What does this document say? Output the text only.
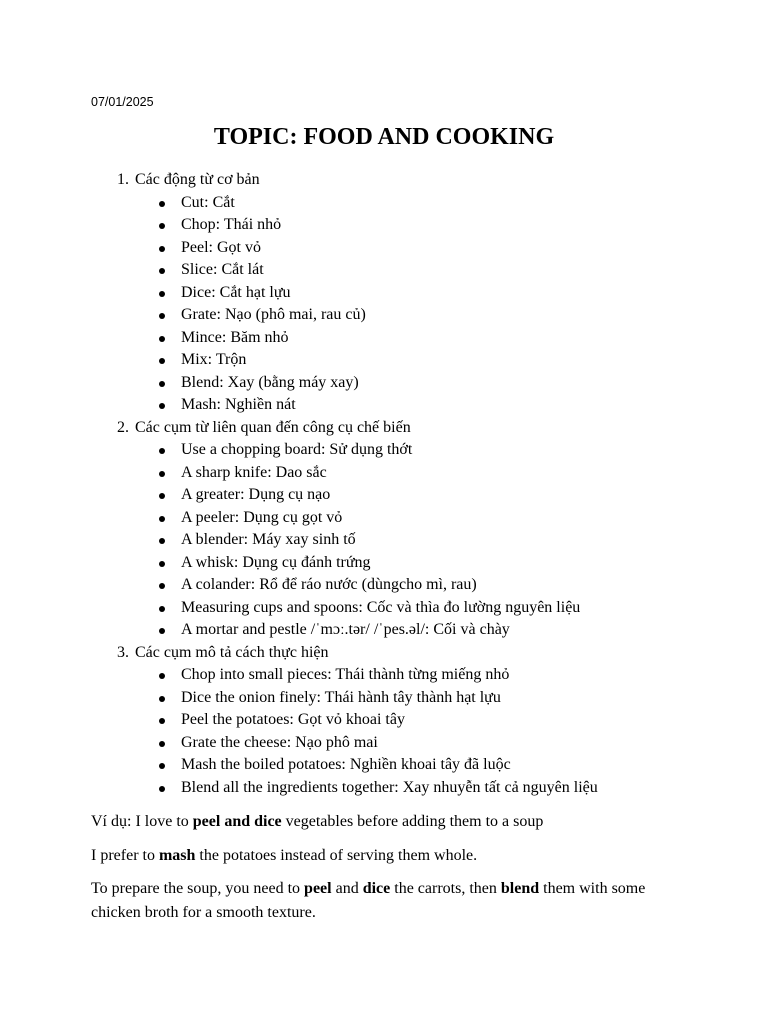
07/01/2025
TOPIC: FOOD AND COOKING
1. Các động từ cơ bản
Cut: Cắt
Chop: Thái nhỏ
Peel: Gọt vỏ
Slice: Cắt lát
Dice: Cắt hạt lựu
Grate: Nạo (phô mai, rau củ)
Mince: Băm nhỏ
Mix: Trộn
Blend: Xay (bằng máy xay)
Mash: Nghiền nát
2. Các cụm từ liên quan đến công cụ chế biến
Use a chopping board: Sử dụng thớt
A sharp knife: Dao sắc
A greater: Dụng cụ nạo
A peeler: Dụng cụ gọt vỏ
A blender: Máy xay sinh tố
A whisk: Dụng cụ đánh trứng
A colander: Rổ để ráo nước (dùngcho mì, rau)
Measuring cups and spoons: Cốc và thìa đo lường nguyên liệu
A mortar and pestle /ˈmɔː.tər/ /ˈpes.əl/: Cối và chày
3. Các cụm mô tả cách thực hiện
Chop into small pieces: Thái thành từng miếng nhỏ
Dice the onion finely: Thái hành tây thành hạt lựu
Peel the potatoes: Gọt vỏ khoai tây
Grate the cheese: Nạo phô mai
Mash the boiled potatoes: Nghiền khoai tây đã luộc
Blend all the ingredients together: Xay nhuyễn tất cả nguyên liệu

Ví dụ: I love to peel and dice vegetables before adding them to a soup

I prefer to mash the potatoes instead of serving them whole.

To prepare the soup, you need to peel and dice the carrots, then blend them with some chicken broth for a smooth texture.
